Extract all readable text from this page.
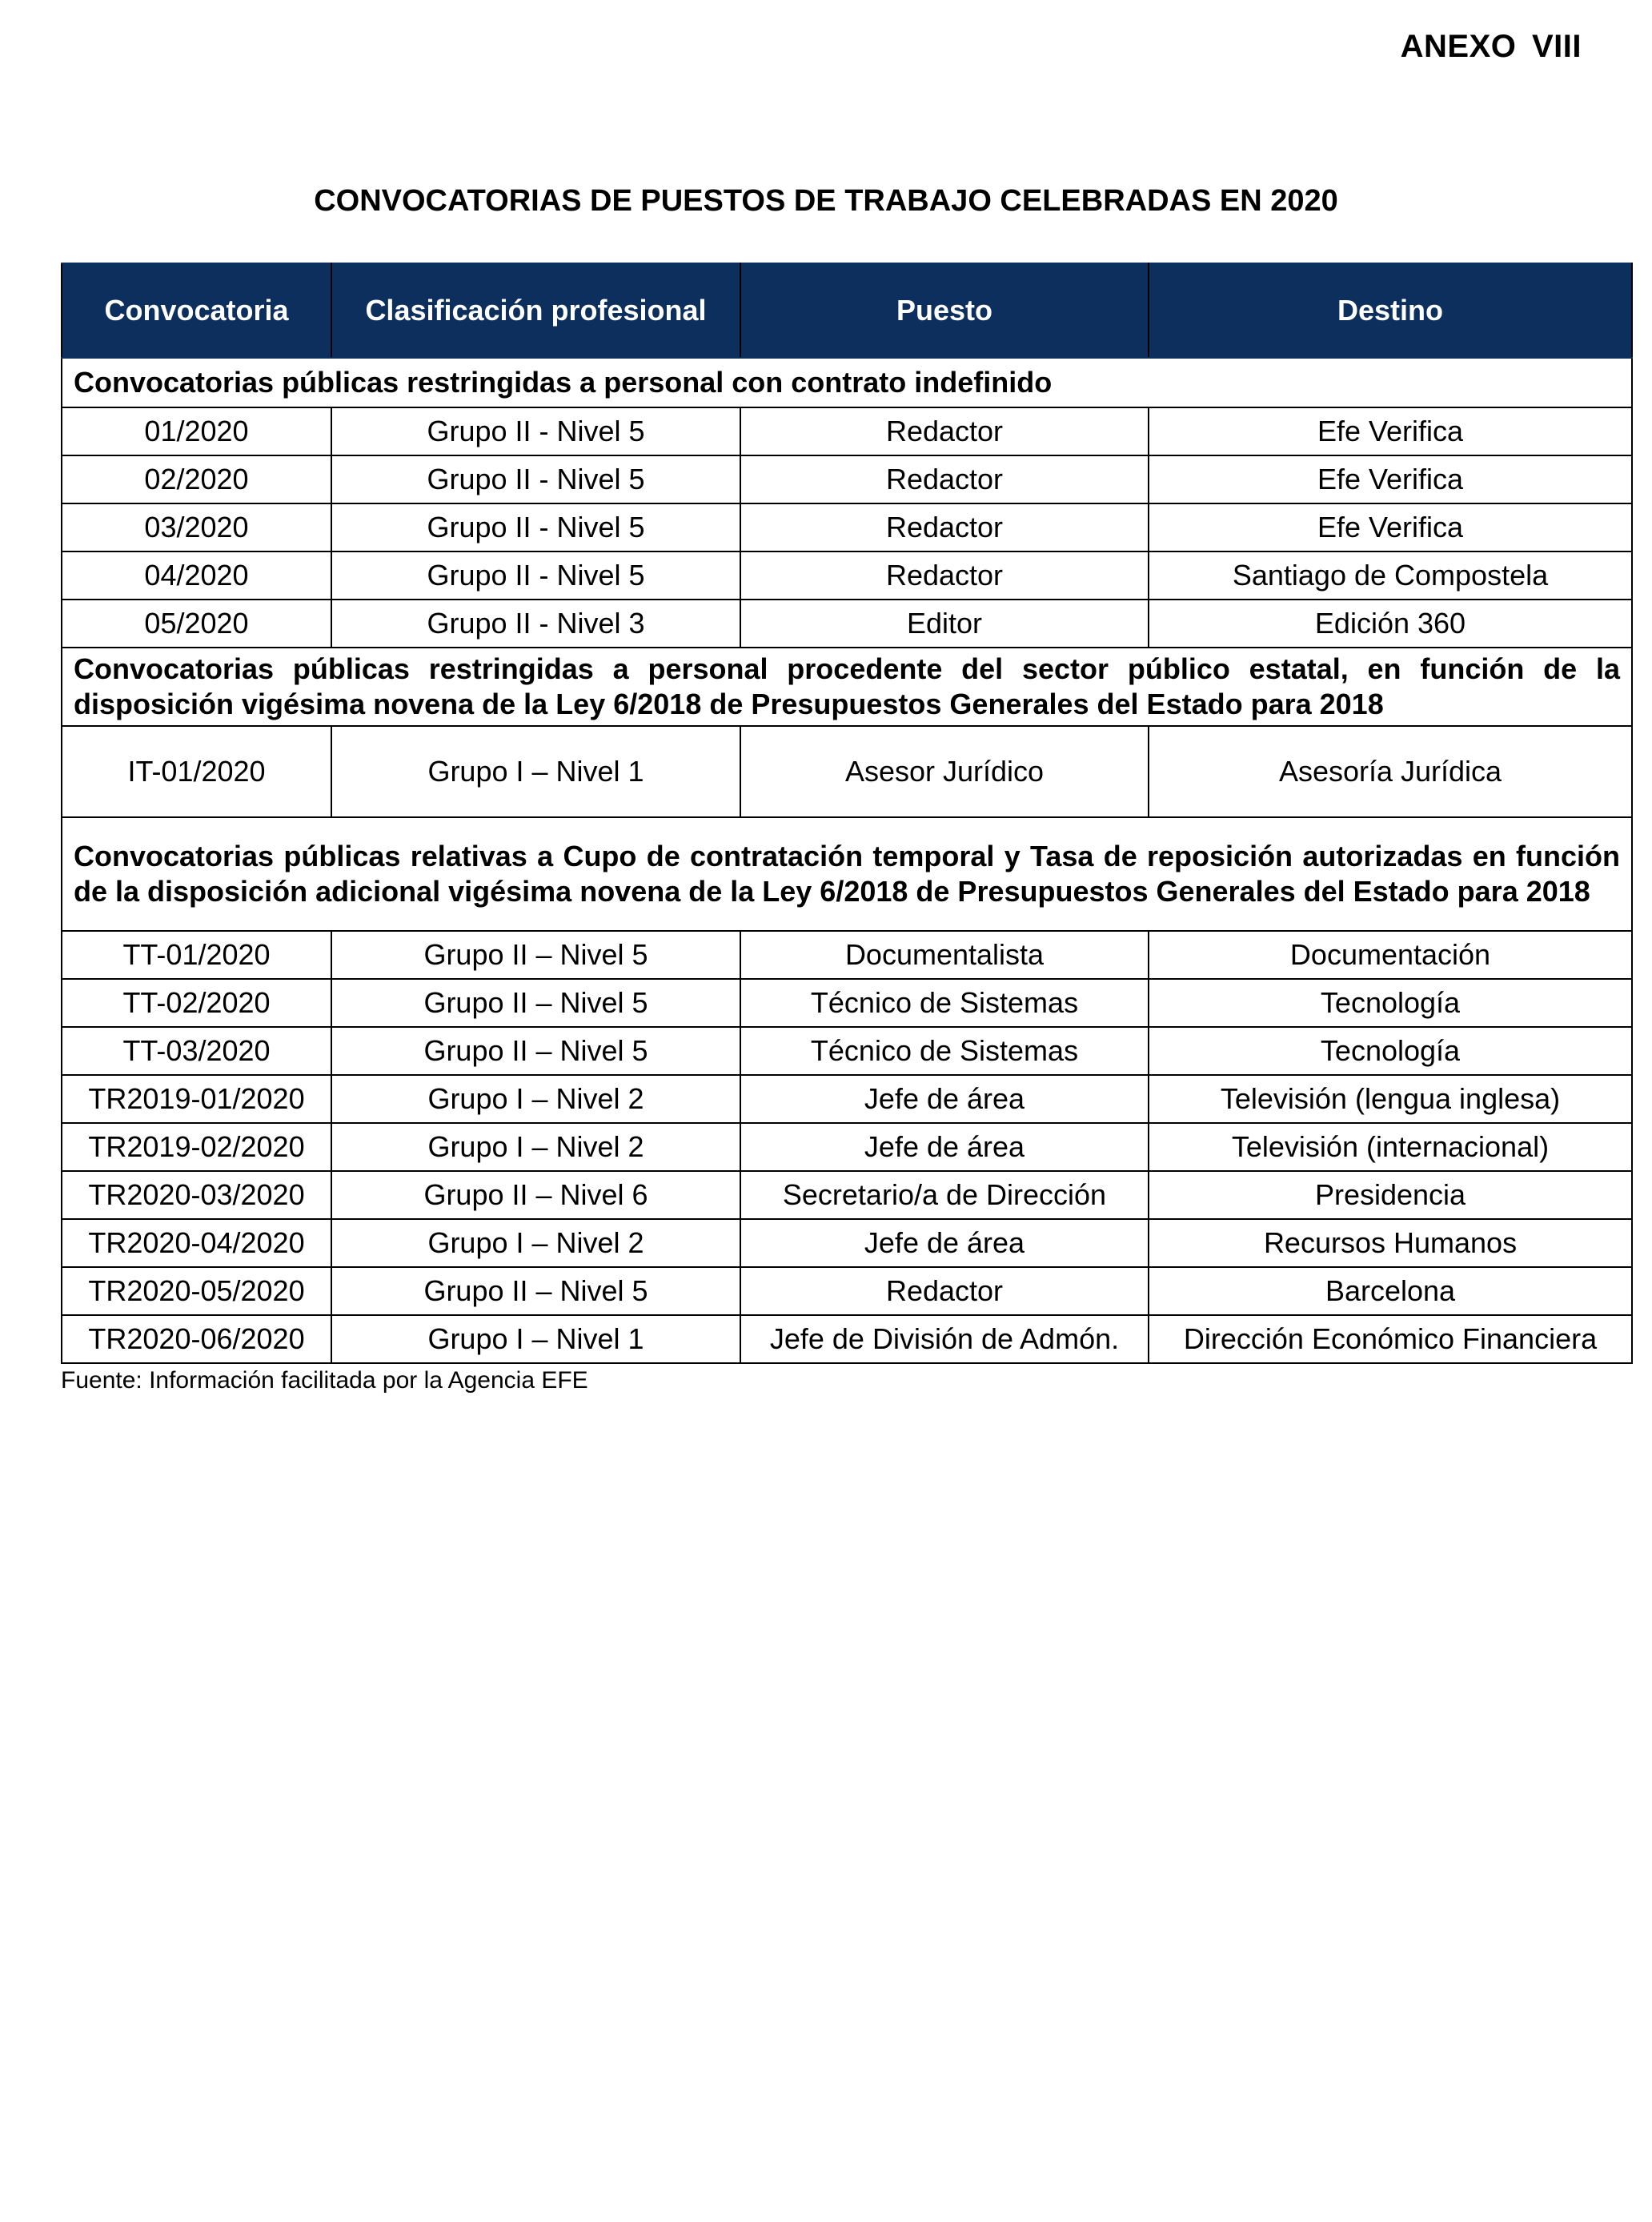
ANEXO VIII
CONVOCATORIAS DE PUESTOS DE TRABAJO CELEBRADAS EN 2020
Convocatoria	Clasificación profesional	Puesto	Destino
Convocatorias públicas restringidas a personal con contrato indefinido			
01/2020	Grupo II - Nivel 5	Redactor	Efe Verifica
02/2020	Grupo II - Nivel 5	Redactor	Efe Verifica
03/2020	Grupo II - Nivel 5	Redactor	Efe Verifica
04/2020	Grupo II - Nivel 5	Redactor	Santiago de Compostela
05/2020	Grupo II - Nivel 3	Editor	Edición 360
Convocatorias públicas restringidas a personal procedente del sector público estatal, en función de la disposición vigésima novena de la Ley 6/2018 de Presupuestos Generales del Estado para 2018			
IT-01/2020	Grupo I – Nivel 1	Asesor Jurídico	Asesoría Jurídica
Convocatorias públicas relativas a Cupo de contratación temporal y Tasa de reposición autorizadas en función de la disposición adicional vigésima novena de la Ley 6/2018 de Presupuestos Generales del Estado para 2018			
TT-01/2020	Grupo II – Nivel 5	Documentalista	Documentación
TT-02/2020	Grupo II – Nivel 5	Técnico de Sistemas	Tecnología
TT-03/2020	Grupo II – Nivel 5	Técnico de Sistemas	Tecnología
TR2019-01/2020	Grupo I – Nivel 2	Jefe de área	Televisión (lengua inglesa)
TR2019-02/2020	Grupo I – Nivel 2	Jefe de área	Televisión (internacional)
TR2020-03/2020	Grupo II – Nivel 6	Secretario/a de Dirección	Presidencia
TR2020-04/2020	Grupo I – Nivel 2	Jefe de área	Recursos Humanos
TR2020-05/2020	Grupo II – Nivel 5	Redactor	Barcelona
TR2020-06/2020	Grupo I – Nivel 1	Jefe de División de Admón.	Dirección Económico Financiera
Fuente: Información facilitada por la Agencia EFE
